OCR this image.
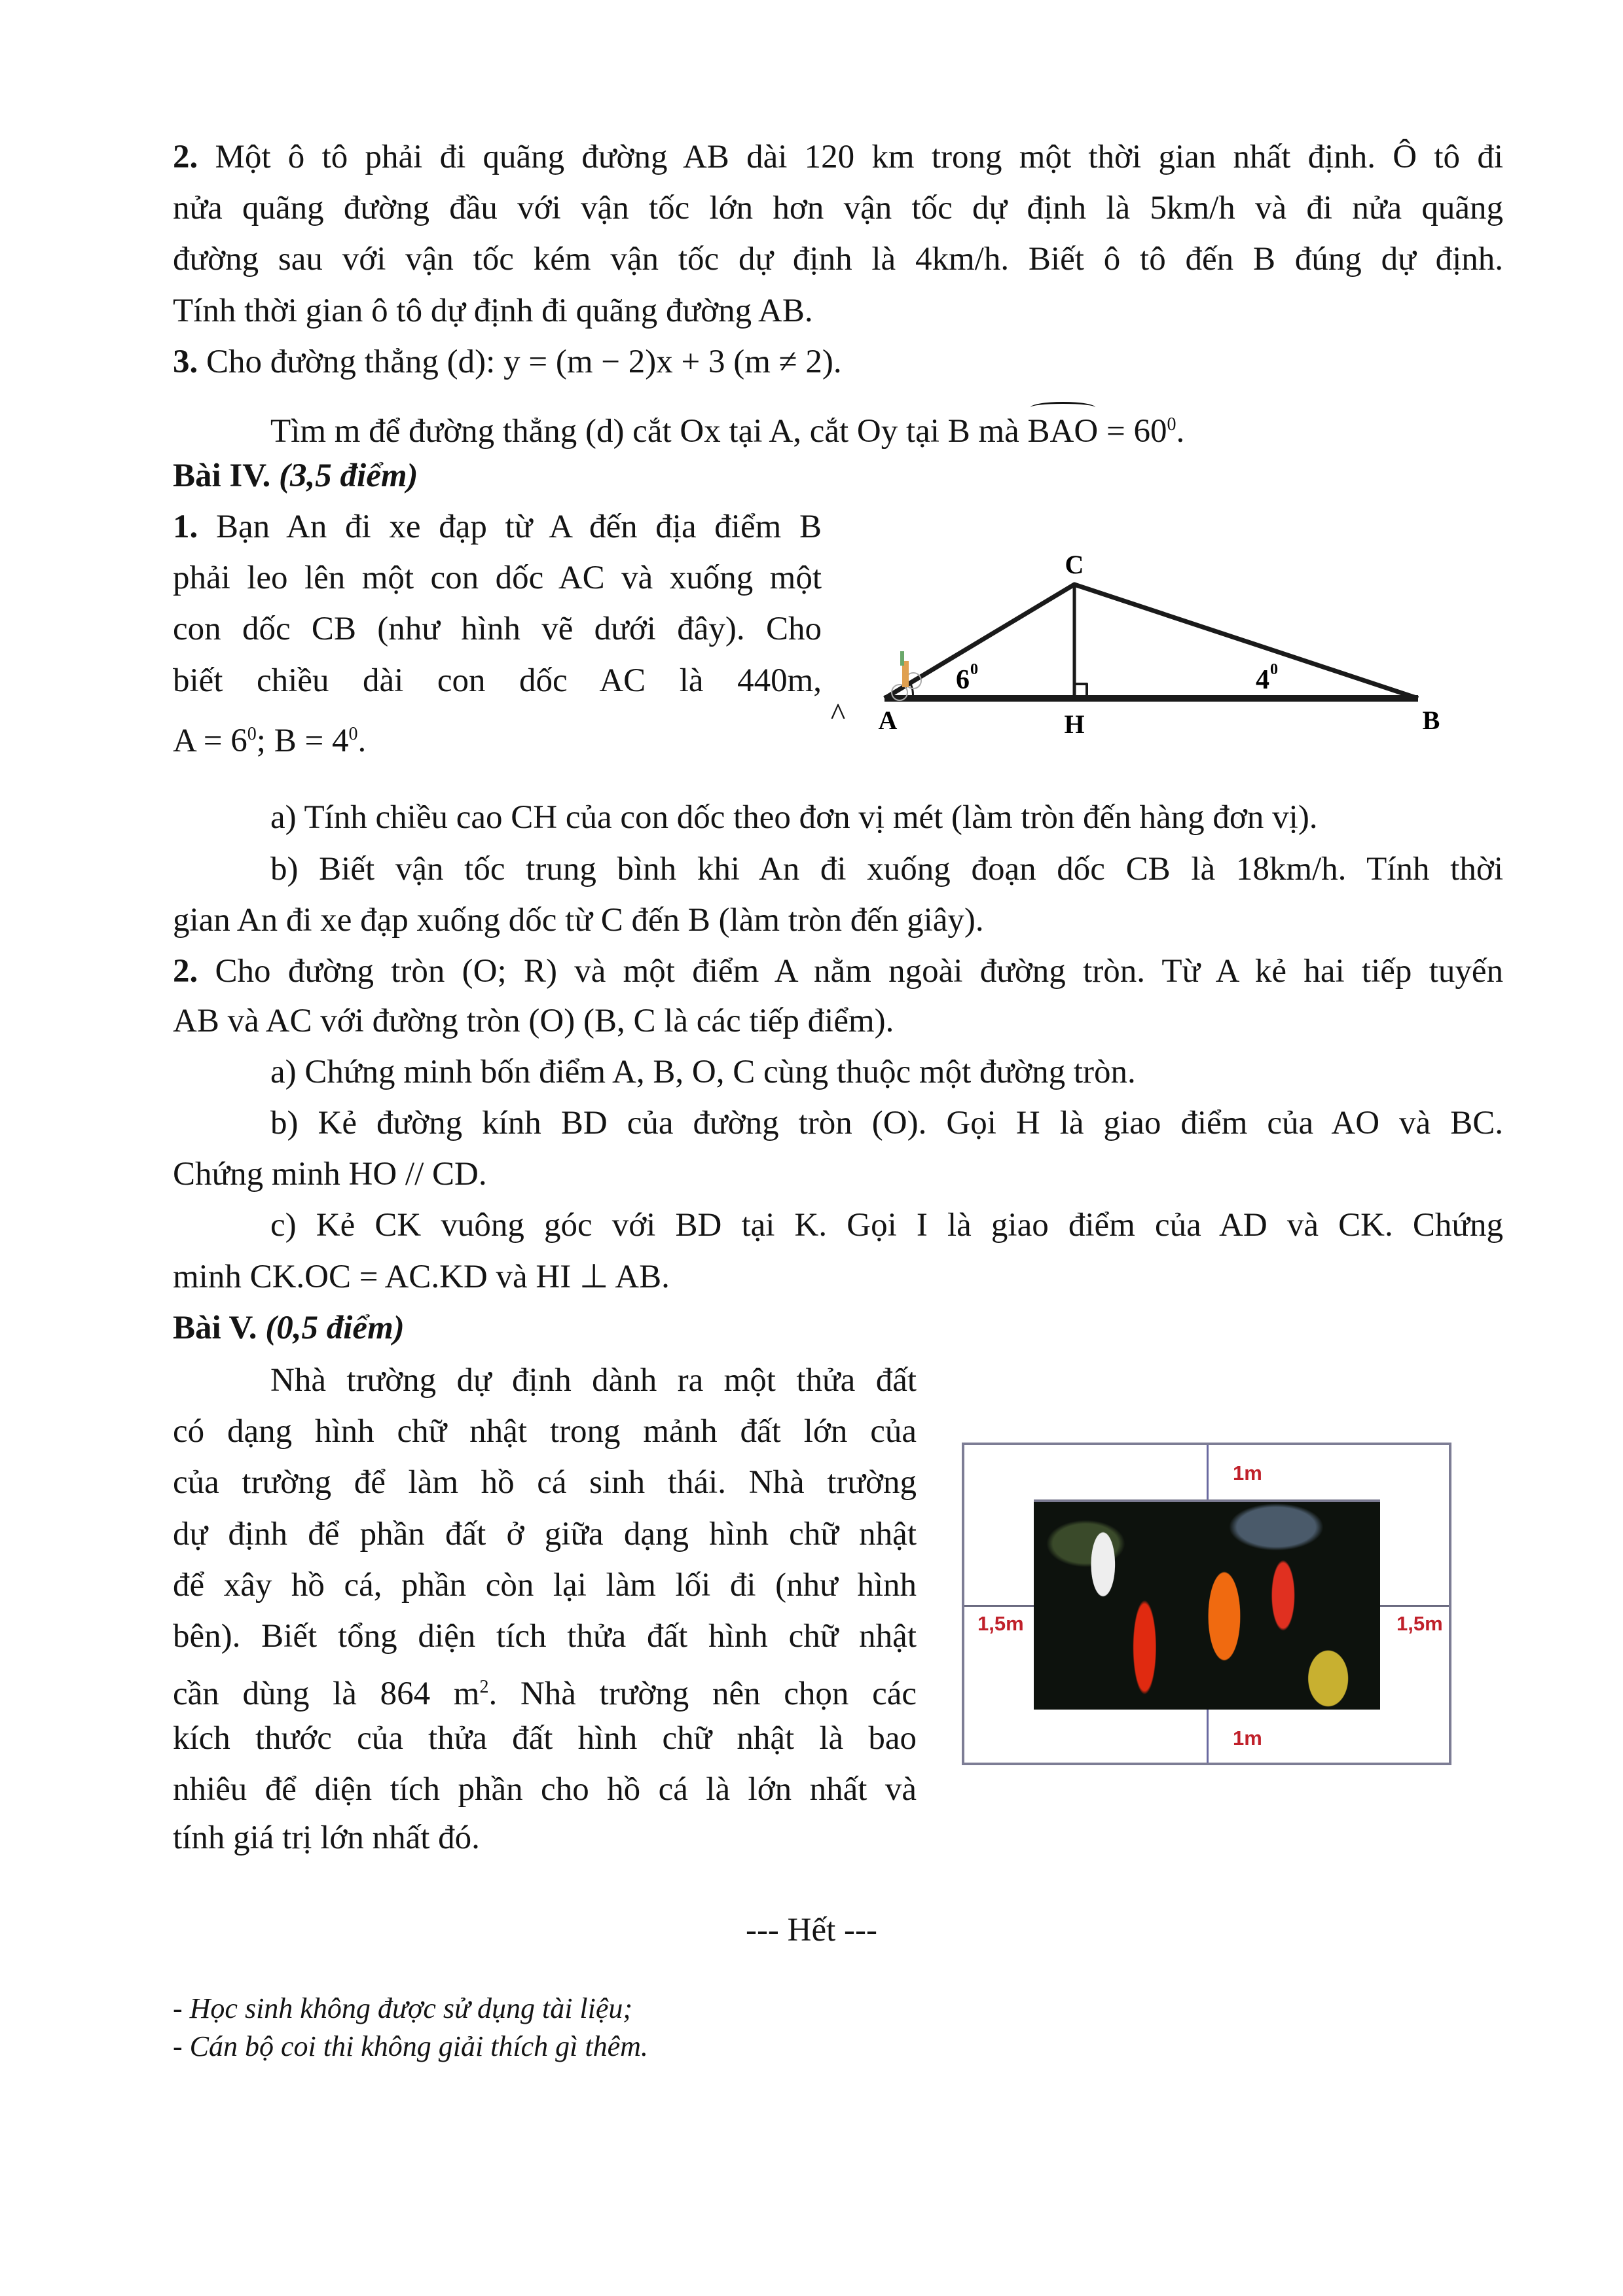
2. Một ô tô phải đi quãng đường AB dài 120 km trong một thời gian nhất định. Ô tô đi
nửa quãng đường đầu với vận tốc lớn hơn vận tốc dự định là 5km/h và đi nửa quãng
đường sau với vận tốc kém vận tốc dự định là 4km/h. Biết ô tô đến B đúng dự định.
Tính thời gian ô tô dự định đi quãng đường AB.
3. Cho đường thẳng (d): y = (m − 2)x + 3 (m ≠ 2).
Tìm m để đường thẳng (d) cắt Ox tại A, cắt Oy tại B mà BAO = $60^0$.
Bài IV. (3,5 điểm)
1. Bạn An đi xe đạp từ A đến địa điểm B
phải leo lên một con dốc AC và xuống một
con dốc CB (như hình vẽ dưới đây). Cho
biết chiều dài con dốc AC là 440m,
^ $A = 6^0$; ^ $B = 4^0$.
a) Tính chiều cao CH của con dốc theo đơn vị mét (làm tròn đến hàng đơn vị).
b) Biết vận tốc trung bình khi An đi xuống đoạn dốc CB là 18km/h. Tính thời
gian An đi xe đạp xuống dốc từ C đến B (làm tròn đến giây).
2. Cho đường tròn (O; R) và một điểm A nằm ngoài đường tròn. Từ A kẻ hai tiếp tuyến
AB và AC với đường tròn (O) (B, C là các tiếp điểm).
a) Chứng minh bốn điểm A, B, O, C cùng thuộc một đường tròn.
b) Kẻ đường kính BD của đường tròn (O). Gọi H là giao điểm của AO và BC.
Chứng minh HO // CD.
c) Kẻ CK vuông góc với BD tại K. Gọi I là giao điểm của AD và CK. Chứng
minh CK.OC = AC.KD và HI ⊥ AB.
Bài V. (0,5 điểm)
Nhà trường dự định dành ra một thửa đất
có dạng hình chữ nhật trong mảnh đất lớn của
của trường để làm hồ cá sinh thái. Nhà trường
dự định để phần đất ở giữa dạng hình chữ nhật
để xây hồ cá, phần còn lại làm lối đi (như hình
bên). Biết tổng diện tích thửa đất hình chữ nhật
cần dùng là 864 $m^2$. Nhà trường nên chọn các
kích thước của thửa đất hình chữ nhật là bao
nhiêu để diện tích phần cho hồ cá là lớn nhất và
tính giá trị lớn nhất đó.
--- Hết ---
- Học sinh không được sử dụng tài liệu;
- Cán bộ coi thi không giải thích gì thêm.
C
A	H	B
6 0	4 0
1m
1m
1,5m	1,5m
